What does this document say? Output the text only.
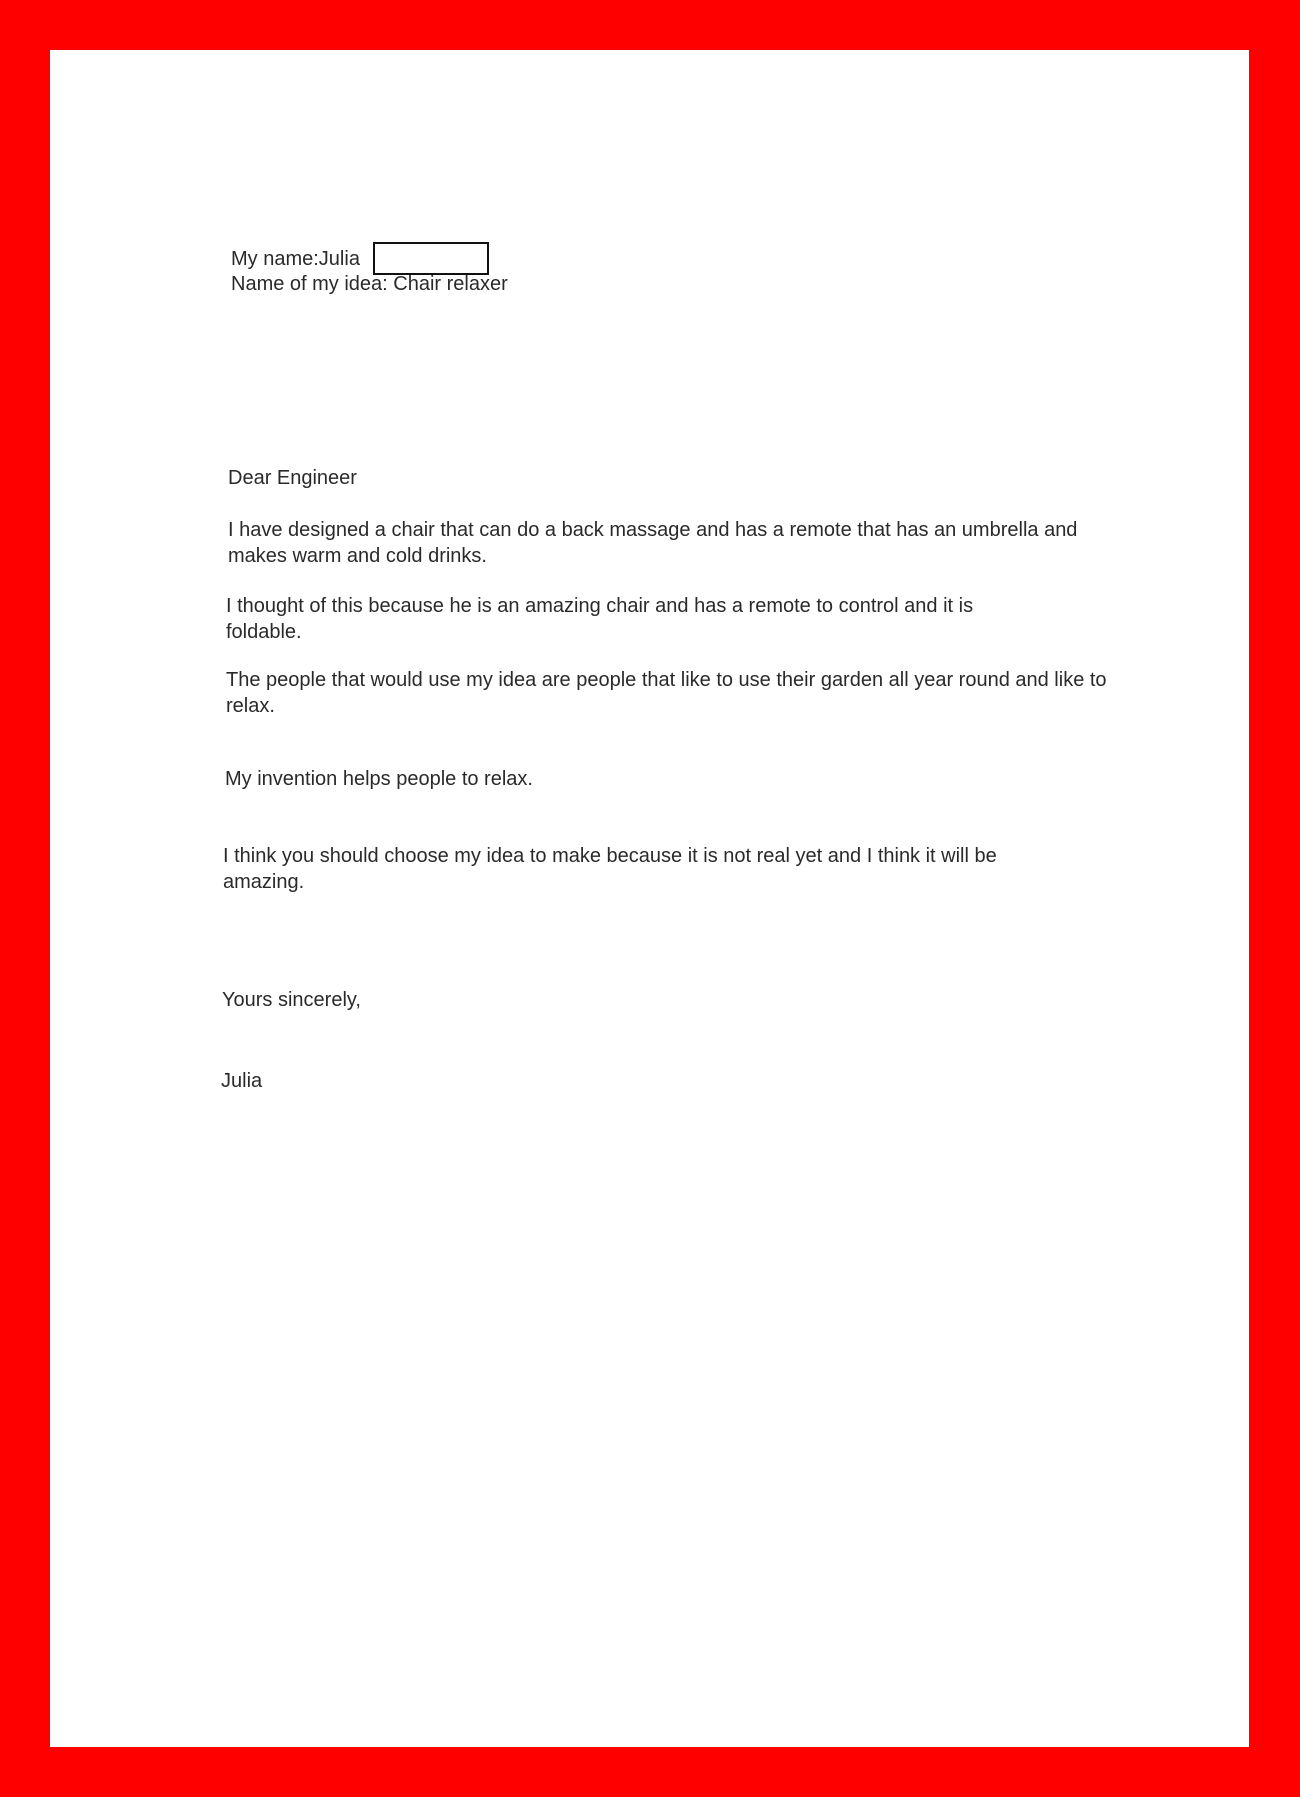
My name:Julia

Name of my idea: Chair relaxer

Dear Engineer

I have designed a chair that can do a back massage and has a remote that has an umbrella and makes warm and cold drinks.

I thought of this because he is an amazing chair and has a remote to control and it is foldable.

The people that would use my idea are people that like to use their garden all year round and like to relax.

My invention helps people to relax.

I think you should choose my idea to make because it is not real yet and I think it will be amazing.

Yours sincerely,

Julia
